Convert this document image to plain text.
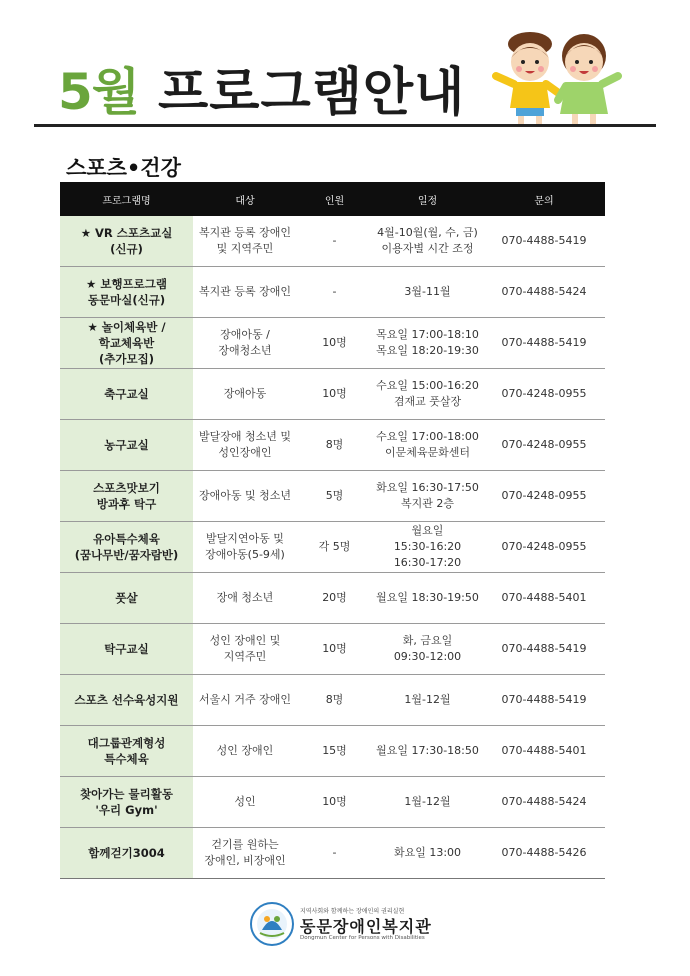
5월 프로그램안내
스포츠•건강
프로그램명	대상	인원	일정	문의

★ VR 스포츠교실
(신규)	복지관 등록 장애인
및 지역주민	-	4월-10월(월, 수, 금)
이용자별 시간 조정	070-4488-5419

★ 보행프로그램
동문마실(신규)	복지관 등록 장애인	-	3월-11월	070-4488-5424

★ 놀이체육반 /
학교체육반
(추가모집)	장애아동 /
장애청소년	10명	목요일 17:00-18:10
목요일 18:20-19:30	070-4488-5419

축구교실	장애아동	10명	수요일 15:00-16:20
겸재교 풋살장	070-4248-0955

농구교실	발달장애 청소년 및
성인장애인	8명	수요일 17:00-18:00
이문체육문화센터	070-4248-0955

스포츠맛보기
방과후 탁구	장애아동 및 청소년	5명	화요일 16:30-17:50
복지관 2층	070-4248-0955

유아특수체육
(꿈나무반/꿈자람반)	발달지연아동 및
장애아동(5-9세)	각 5명	월요일
15:30-16:20
16:30-17:20	070-4248-0955

풋살	장애 청소년	20명	월요일 18:30-19:50	070-4488-5401

탁구교실	성인 장애인 및
지역주민	10명	화, 금요일
09:30-12:00	070-4488-5419

스포츠 선수육성지원	서울시 거주 장애인	8명	1월-12월	070-4488-5419

대그룹관계형성
특수체육	성인 장애인	15명	월요일 17:30-18:50	070-4488-5401

찾아가는 물리활동
'우리 Gym'	성인	10명	1월-12월	070-4488-5424

함께걷기3004	걷기를 원하는
장애인, 비장애인	-	화요일 13:00	070-4488-5426
지역사회와 함께하는 장애인의 권리실현
동문장애인복지관
Dongmun Center for Persons with Disabilities
